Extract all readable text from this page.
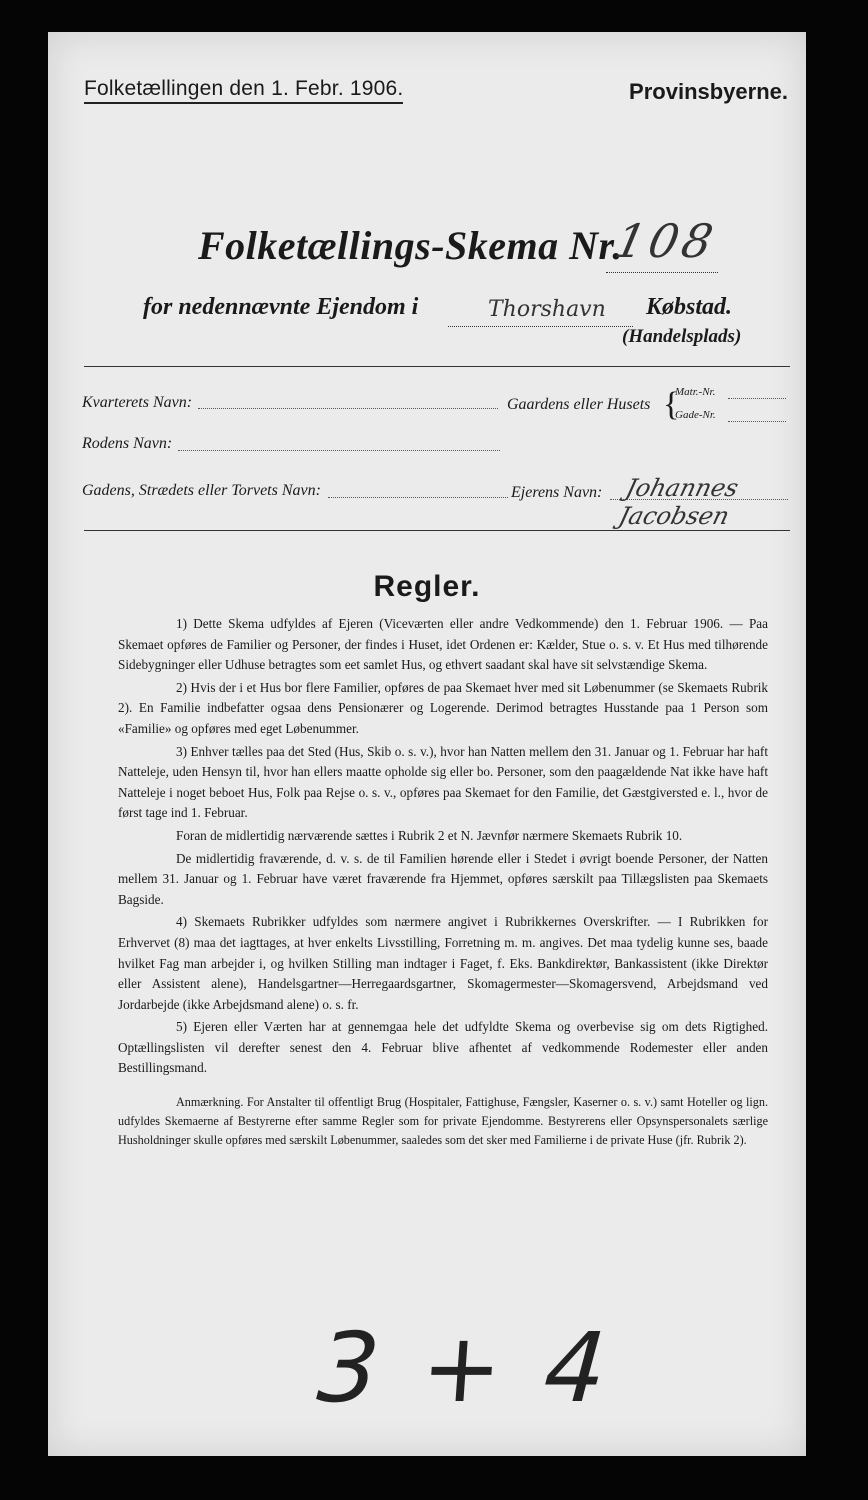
Folketællingen den 1. Febr. 1906.	Provinsbyerne.
Folketællings-Skema Nr.
108
for nedennævnte Ejendom i	Thorshavn Købstad.
(Handelsplads)
Kvarterets Navn:	Gaardens eller Husets {
Matr.-Nr.
Gade-Nr.
Rodens Navn:
Gadens, Strædets eller Torvets Navn:	Ejerens Navn: Johannes Jacobsen
Regler.

1) Dette Skema udfyldes af Ejeren (Viceværten eller andre Vedkommende) den 1. Februar 1906. — Paa Skemaet opføres de Familier og Personer, der findes i Huset, idet Ordenen er: Kælder, Stue o. s. v. Et Hus med tilhørende Sidebygninger eller Udhuse betragtes som eet samlet Hus, og ethvert saadant skal have sit selvstændige Skema.

2) Hvis der i et Hus bor flere Familier, opføres de paa Skemaet hver med sit Løbenummer (se Skemaets Rubrik 2). En Familie indbefatter ogsaa dens Pensionærer og Logerende. Derimod betragtes Husstande paa 1 Person som «Familie» og opføres med eget Løbenummer.

3) Enhver tælles paa det Sted (Hus, Skib o. s. v.), hvor han Natten mellem den 31. Januar og 1. Februar har haft Natteleje, uden Hensyn til, hvor han ellers maatte opholde sig eller bo. Personer, som den paagældende Nat ikke have haft Natteleje i noget beboet Hus, Folk paa Rejse o. s. v., opføres paa Skemaet for den Familie, det Gæstgiversted e. l., hvor de først tage ind 1. Februar.

Foran de midlertidig nærværende sættes i Rubrik 2 et N. Jævnfør nærmere Skemaets Rubrik 10.

De midlertidig fraværende, d. v. s. de til Familien hørende eller i Stedet i øvrigt boende Personer, der Natten mellem 31. Januar og 1. Februar have været fraværende fra Hjemmet, opføres særskilt paa Tillægslisten paa Skemaets Bagside.

4) Skemaets Rubrikker udfyldes som nærmere angivet i Rubrikkernes Overskrifter. — I Rubrikken for Erhvervet (8) maa det iagttages, at hver enkelts Livsstilling, Forretning m. m. angives. Det maa tydelig kunne ses, baade hvilket Fag man arbejder i, og hvilken Stilling man indtager i Faget, f. Eks. Bankdirektør, Bankassistent (ikke Direktør eller Assistent alene), Handelsgartner—Herregaardsgartner, Skomagermester—Skomagersvend, Arbejdsmand ved Jordarbejde (ikke Arbejdsmand alene) o. s. fr.

5) Ejeren eller Værten har at gennemgaa hele det udfyldte Skema og overbevise sig om dets Rigtighed. Optællingslisten vil derefter senest den 4. Februar blive afhentet af vedkommende Rodemester eller anden Bestillingsmand.

Anmærkning. For Anstalter til offentligt Brug (Hospitaler, Fattighuse, Fængsler, Kaserner o. s. v.) samt Hoteller og lign. udfyldes Skemaerne af Bestyrerne efter samme Regler som for private Ejendomme. Bestyrerens eller Opsynspersonalets særlige Husholdninger skulle opføres med særskilt Løbenummer, saaledes som det sker med Familierne i de private Huse (jfr. Rubrik 2).

3 + 4
